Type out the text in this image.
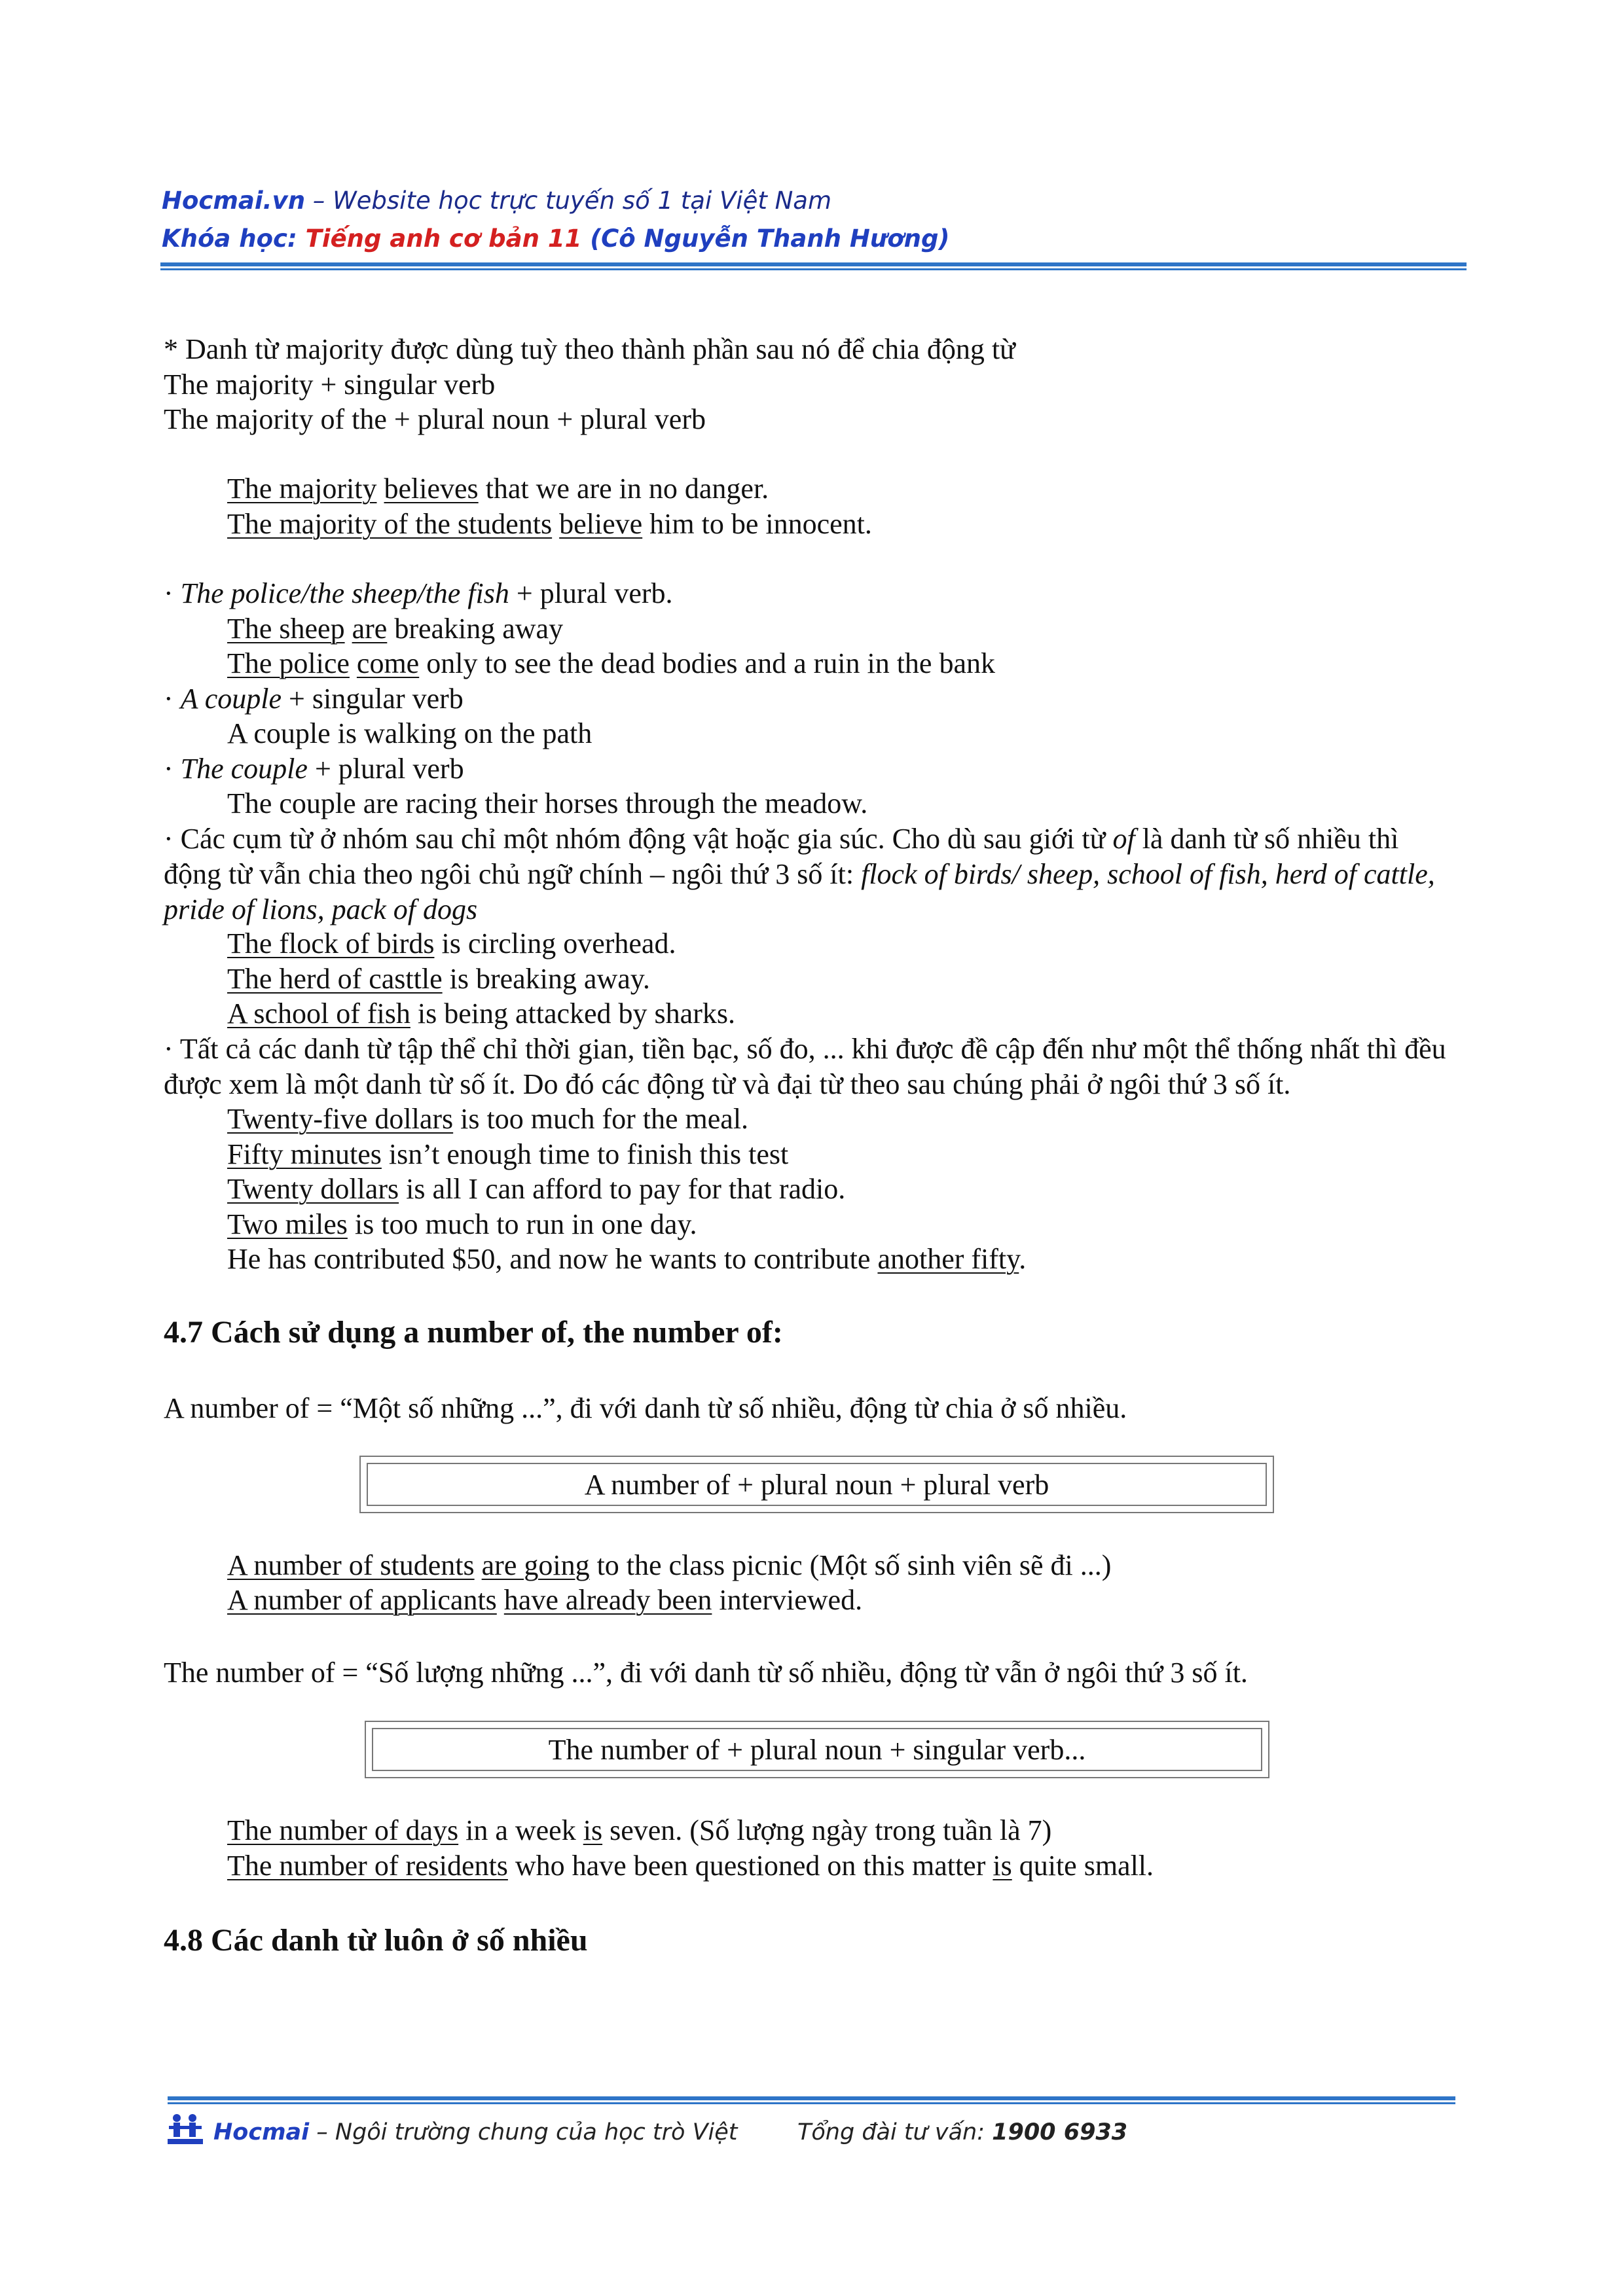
Hocmai.vn – Website học trực tuyến số 1 tại Việt Nam
Khóa học: Tiếng anh cơ bản 11 (Cô Nguyễn Thanh Hương)

* Danh từ majority được dùng tuỳ theo thành phần sau nó để chia động từ

The majority + singular verb

The majority of the + plural noun + plural verb

The majority believes that we are in no danger.

The majority of the students believe him to be innocent.

· The police/the sheep/the fish + plural verb.

The sheep are breaking away

The police come only to see the dead bodies and a ruin in the bank

· A couple + singular verb

A couple is walking on the path

· The couple + plural verb

The couple are racing their horses through the meadow.

· Các cụm từ ở nhóm sau chỉ một nhóm động vật hoặc gia súc. Cho dù sau giới từ of là danh từ số nhiều thì động từ vẫn chia theo ngôi chủ ngữ chính – ngôi thứ 3 số ít: flock of birds/ sheep, school of fish, herd of cattle, pride of lions, pack of dogs

The flock of birds is circling overhead.

The herd of casttle is breaking away.

A school of fish is being attacked by sharks.

· Tất cả các danh từ tập thể chỉ thời gian, tiền bạc, số đo, ... khi được đề cập đến như một thể thống nhất thì đều được xem là một danh từ số ít. Do đó các động từ và đại từ theo sau chúng phải ở ngôi thứ 3 số ít.

Twenty-five dollars is too much for the meal.

Fifty minutes isn’t enough time to finish this test

Twenty dollars is all I can afford to pay for that radio.

Two miles is too much to run in one day.

He has contributed $50, and now he wants to contribute another fifty.

4.7 Cách sử dụng a number of, the number of:

A number of = “Một số những ...”, đi với danh từ số nhiều, động từ chia ở số nhiều.

A number of + plural noun + plural verb

A number of students are going to the class picnic (Một số sinh viên sẽ đi ...)

A number of applicants have already been interviewed.

The number of = “Số lượng những ...”, đi với danh từ số nhiều, động từ vẫn ở ngôi thứ 3 số ít.

The number of + plural noun + singular verb...

The number of days in a week is seven. (Số lượng ngày trong tuần là 7)

The number of residents who have been questioned on this matter is quite small.

4.8 Các danh từ luôn ở số nhiều
Hocmai – Ngôi trường chung của học trò Việt	Tổng đài tư vấn: 1900 6933
